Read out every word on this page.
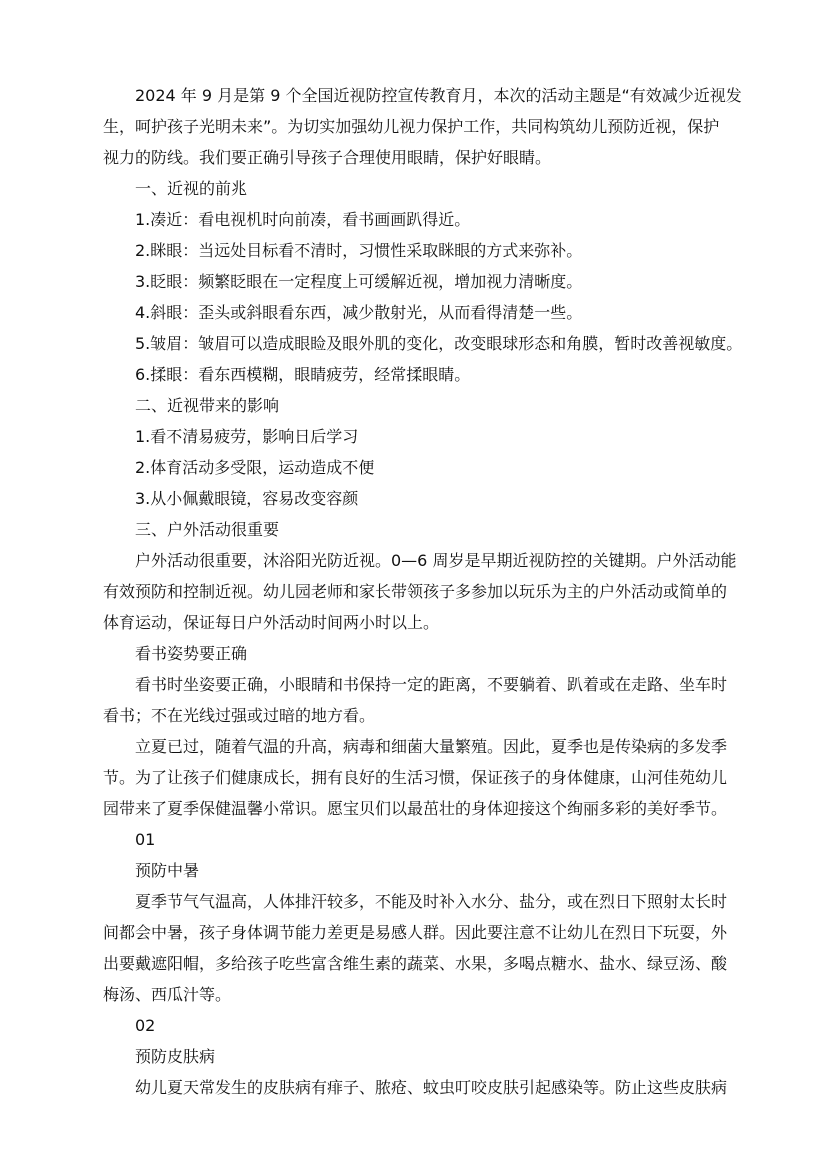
2024 年 9 月是第 9 个全国近视防控宣传教育月，本次的活动主题是“有效减少近视发
生，呵护孩子光明未来”。为切实加强幼儿视力保护工作，共同构筑幼儿预防近视，保护
视力的防线。我们要正确引导孩子合理使用眼睛，保护好眼睛。

一、近视的前兆

1.凑近：看电视机时向前凑，看书画画趴得近。

2.眯眼：当远处目标看不清时，习惯性采取眯眼的方式来弥补。

3.眨眼：频繁眨眼在一定程度上可缓解近视，增加视力清晰度。

4.斜眼：歪头或斜眼看东西，减少散射光，从而看得清楚一些。

5.皱眉：皱眉可以造成眼睑及眼外肌的变化，改变眼球形态和角膜，暂时改善视敏度。

6.揉眼：看东西模糊，眼睛疲劳，经常揉眼睛。

二、近视带来的影响

1.看不清易疲劳，影响日后学习

2.体育活动多受限，运动造成不便

3.从小佩戴眼镜，容易改变容颜

三、户外活动很重要

户外活动很重要，沐浴阳光防近视。0—6 周岁是早期近视防控的关键期。户外活动能
有效预防和控制近视。幼儿园老师和家长带领孩子多参加以玩乐为主的户外活动或简单的
体育运动，保证每日户外活动时间两小时以上。

看书姿势要正确

看书时坐姿要正确，小眼睛和书保持一定的距离，不要躺着、趴着或在走路、坐车时
看书；不在光线过强或过暗的地方看。

立夏已过，随着气温的升高，病毒和细菌大量繁殖。因此，夏季也是传染病的多发季
节。为了让孩子们健康成长，拥有良好的生活习惯，保证孩子的身体健康，山河佳苑幼儿
园带来了夏季保健温馨小常识。愿宝贝们以最茁壮的身体迎接这个绚丽多彩的美好季节。

01

预防中暑

夏季节气气温高，人体排汗较多，不能及时补入水分、盐分，或在烈日下照射太长时
间都会中暑，孩子身体调节能力差更是易感人群。因此要注意不让幼儿在烈日下玩耍，外
出要戴遮阳帽，多给孩子吃些富含维生素的蔬菜、水果，多喝点糖水、盐水、绿豆汤、酸
梅汤、西瓜汁等。

02

预防皮肤病

幼儿夏天常发生的皮肤病有痱子、脓疮、蚊虫叮咬皮肤引起感染等。防止这些皮肤病
